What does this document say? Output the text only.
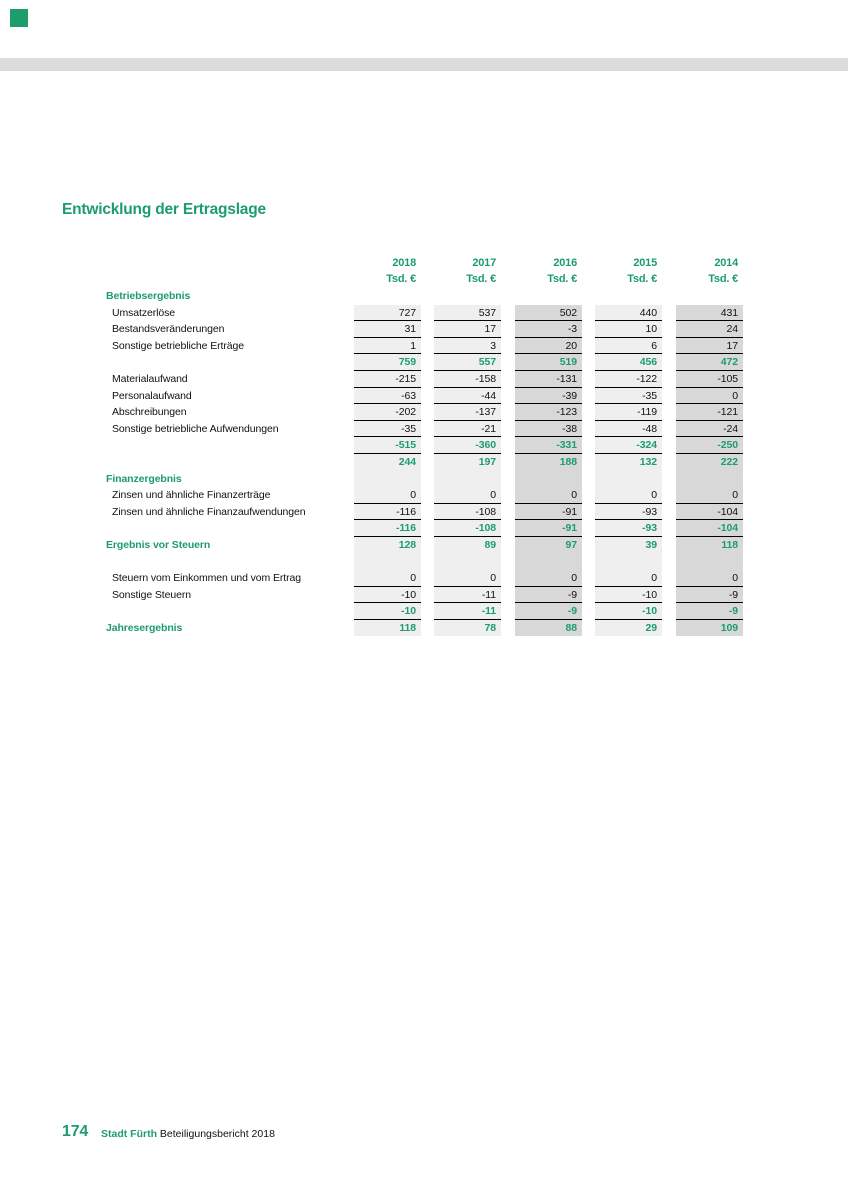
Entwicklung der Ertragslage
2018	2017	2016	2015	2014
Tsd. €	Tsd. €	Tsd. €	Tsd. €	Tsd. €
Betriebsergebnis
Umsatzerlöse	727	537	502	440	431
Bestandsveränderungen	31	17	-3	10	24
Sonstige betriebliche Erträge	1	3	20	6	17
759	557	519	456	472
Materialaufwand	-215	-158	-131	-122	-105
Personalaufwand	-63	-44	-39	-35	0
Abschreibungen	-202	-137	-123	-119	-121
Sonstige betriebliche Aufwendungen	-35	-21	-38	-48	-24
-515	-360	-331	-324	-250
244	197	188	132	222
Finanzergebnis
Zinsen und ähnliche Finanzerträge	0	0	0	0	0
Zinsen und ähnliche Finanzaufwendungen	-116	-108	-91	-93	-104
-116	-108	-91	-93	-104
Ergebnis vor Steuern	128	89	97	39	118
Steuern vom Einkommen und vom Ertrag	0	0	0	0	0
Sonstige Steuern	-10	-11	-9	-10	-9
-10	-11	-9	-10	-9
Jahresergebnis	118	78	88	29	109
174 Stadt Fürth Beteiligungsbericht 2018
